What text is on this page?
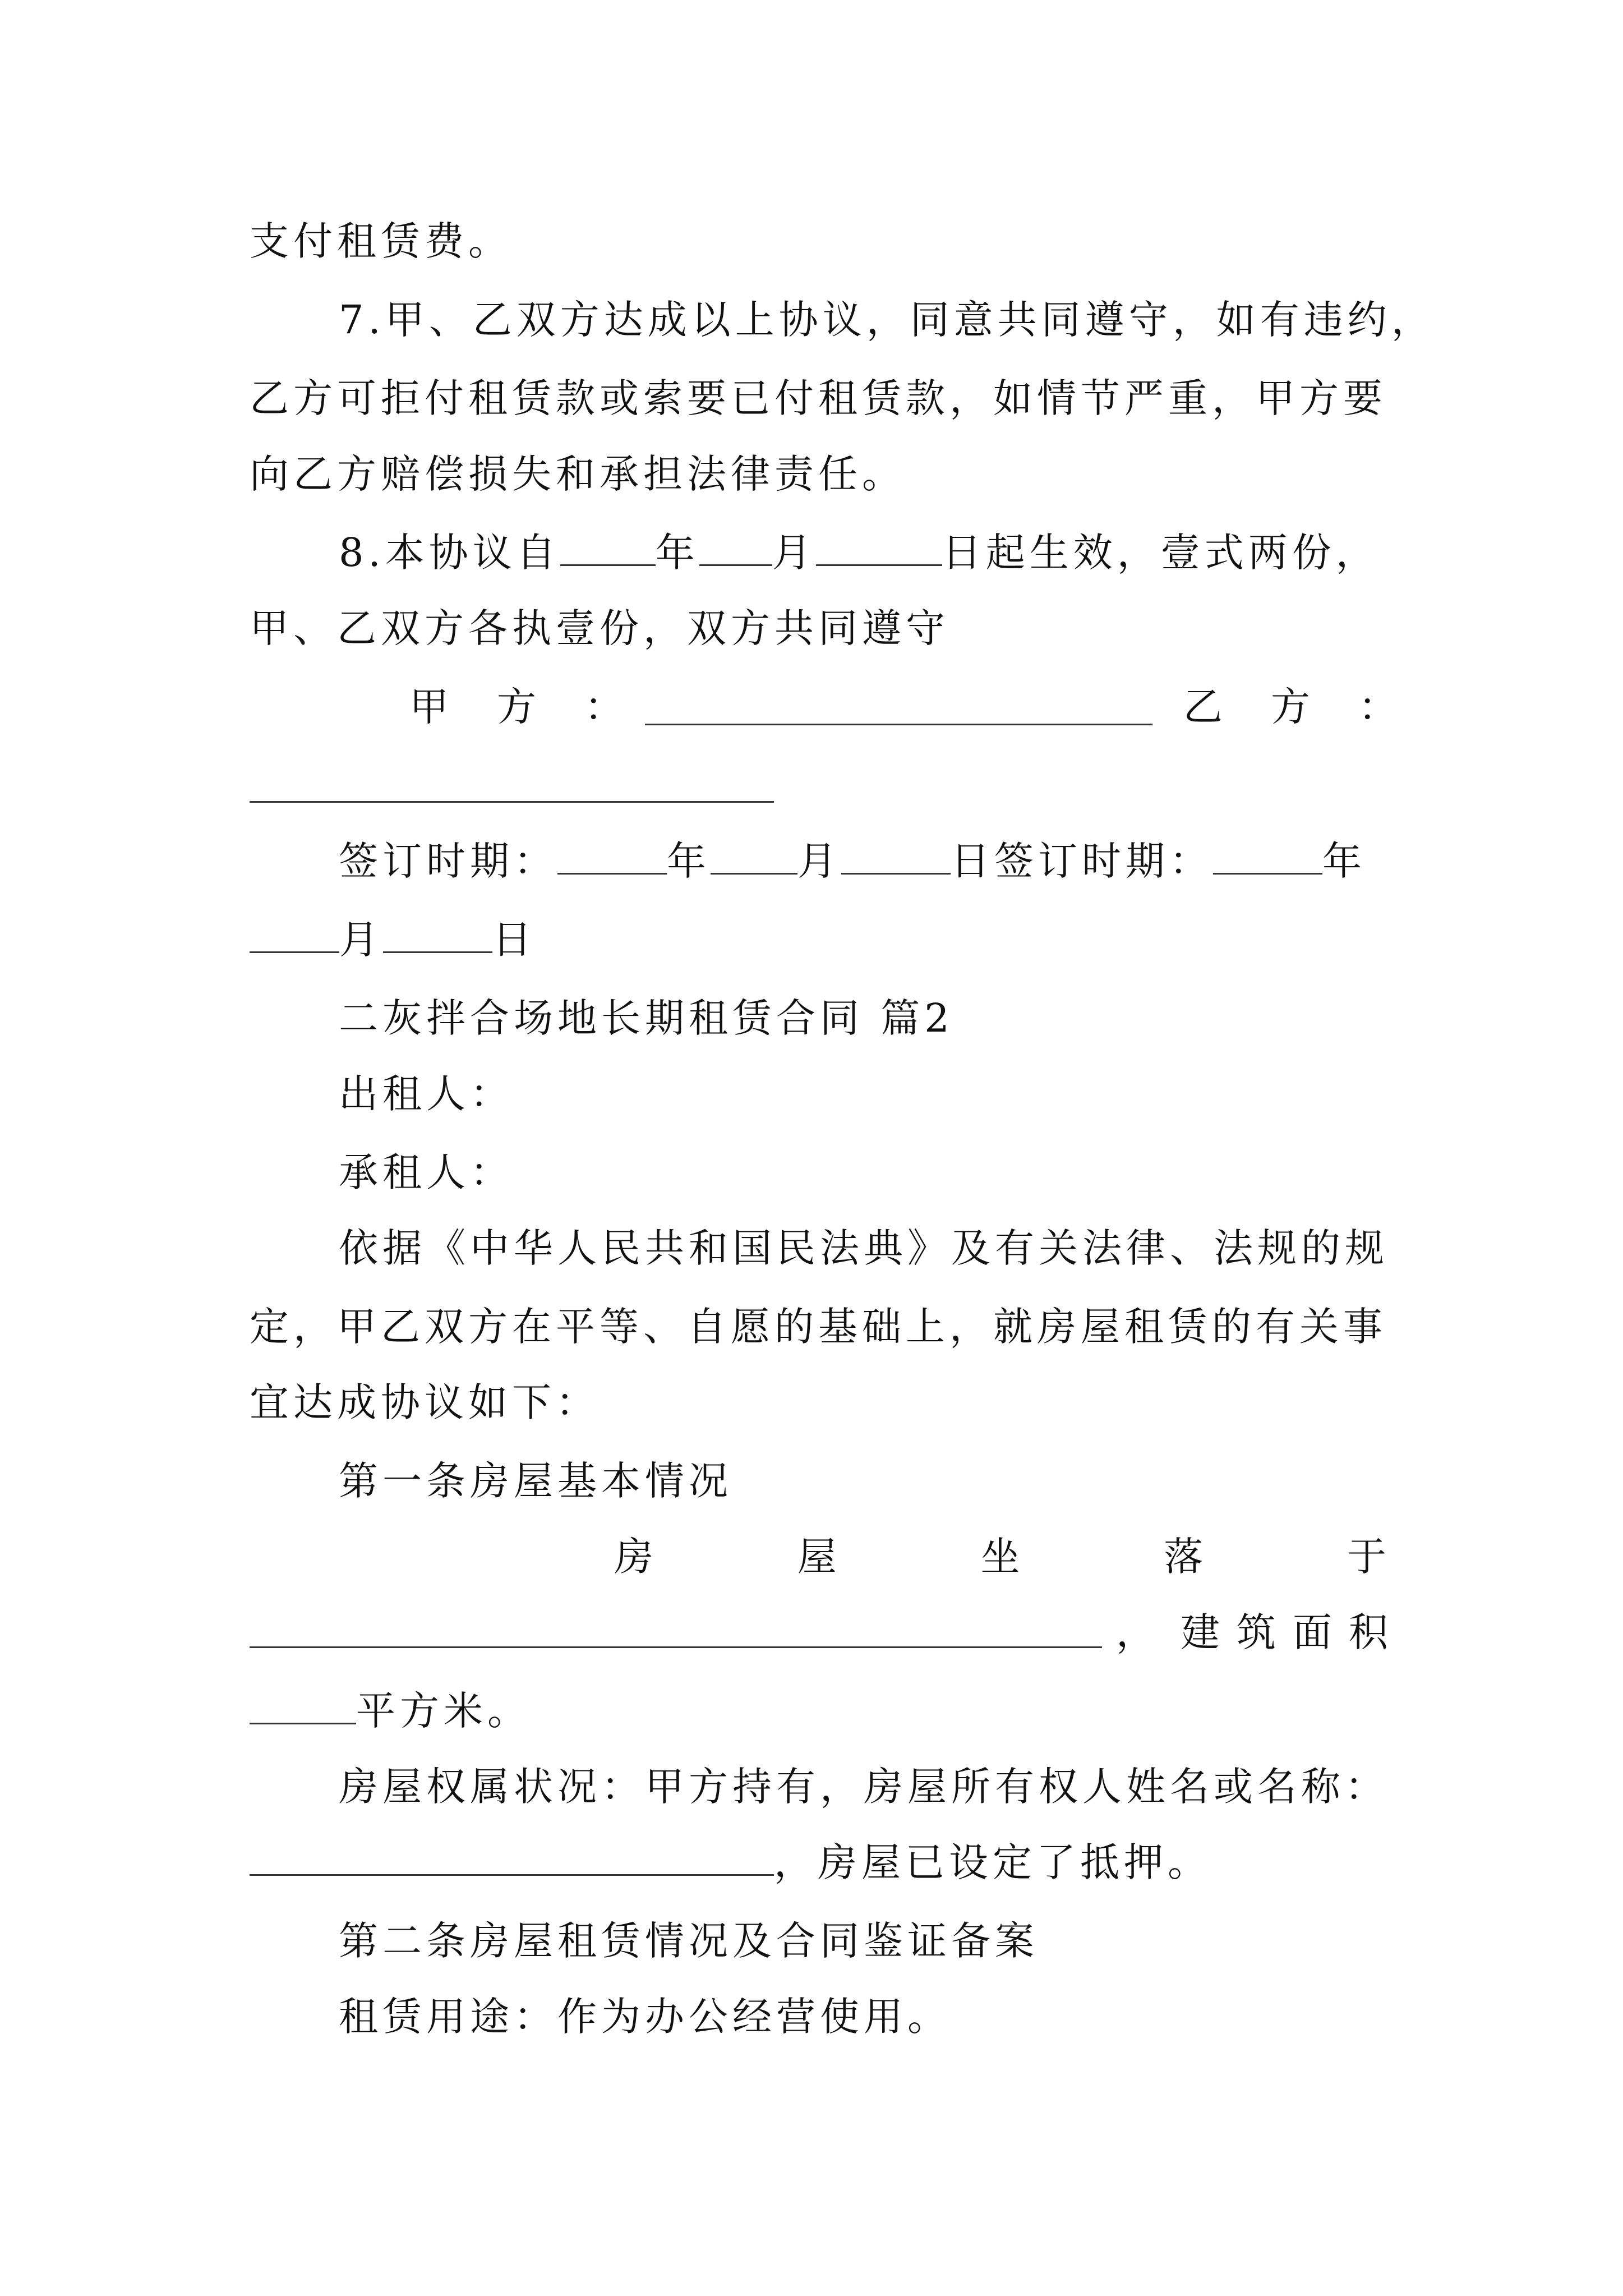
支付租赁费。
7.甲、乙双方达成以上协议，同意共同遵守，如有违约，
乙方可拒付租赁款或索要已付租赁款，如情节严重，甲方要
向乙方赔偿损失和承担法律责任。
8.本协议自 年 月	日起生效，壹式两份，
甲、乙双方各执壹份，双方共同遵守
甲　方　：	乙　方　：
签订时期：	年 月	日签订时期：	年
月	日
二灰拌合场地长期租赁合同 篇2
出租人：
承租人：
依据《中华人民共和国民法典》及有关法律、法规的规
定，甲乙双方在平等、自愿的基础上，就房屋租赁的有关事
宜达成协议如下：
第一条房屋基本情况
房	屋	坐	落	于
， 建筑面积
平方米。
房屋权属状况：甲方持有，房屋所有权人姓名或名称：
，房屋已设定了抵押。
第二条房屋租赁情况及合同鉴证备案
租赁用途：作为办公经营使用。
